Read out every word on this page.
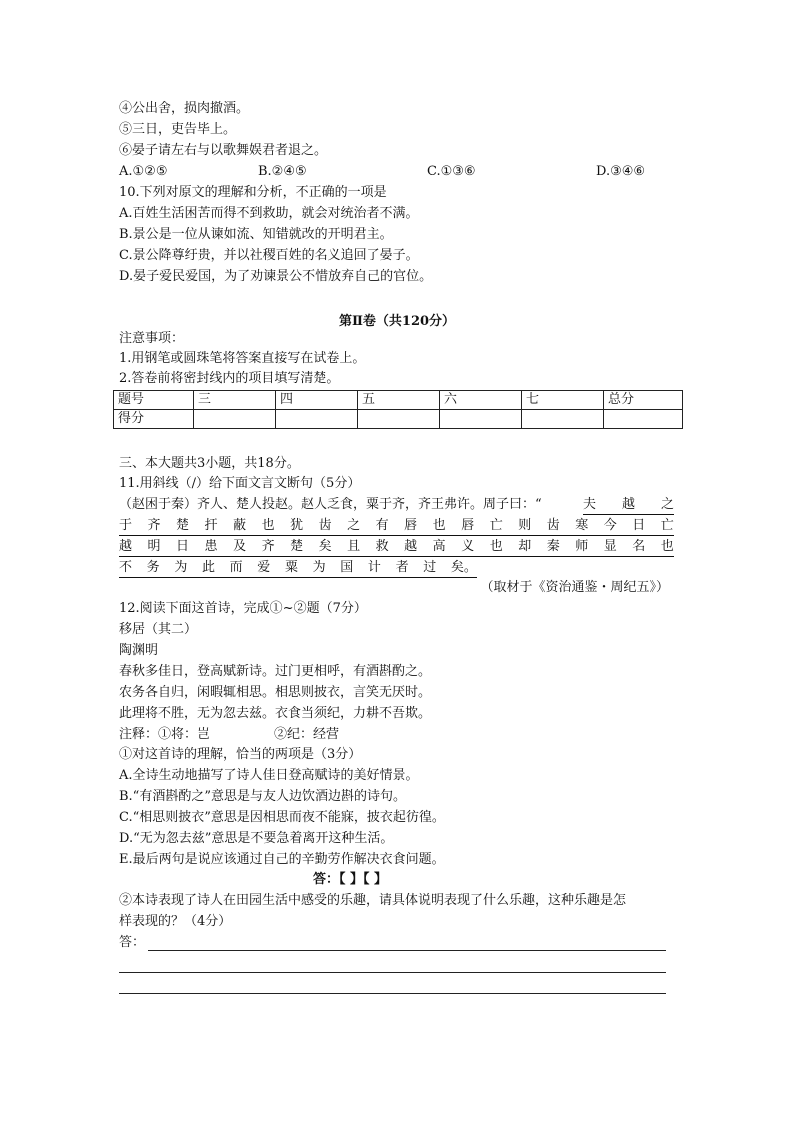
④公出舍，损肉撤酒。
⑤三日，吏告毕上。
⑥晏子请左右与以歌舞娱君者退之。
A.①②⑤	B.②④⑤	C.①③⑥	D.③④⑥
10.下列对原文的理解和分析，不正确的一项是
A.百姓生活困苦而得不到救助，就会对统治者不满。
B.景公是一位从谏如流、知错就改的开明君主。
C.景公降尊纡贵，并以社稷百姓的名义追回了晏子。
D.晏子爱民爱国，为了劝谏景公不惜放弃自己的官位。
第Ⅱ卷（共120分）
注意事项：
1.用钢笔或圆珠笔将答案直接写在试卷上。
2.答卷前将密封线内的项目填写清楚。
题号	三	四	五	六	七	总分
得分						
三、本大题共3小题，共18分。
11.用斜线（/）给下面文言文断句（5分）
（赵困于秦）齐人、楚人投赵。赵人乏食，粟于齐，齐王弗许。周子曰：“	夫 越 之
于 齐 楚 扞 蔽 也 犹 齿 之 有 唇 也 唇 亡 则 齿 寒 今 日 亡
越 明 日 患 及 齐 楚 矣 且 救 越 高 义 也 却 秦 师 显 名 也
不 务 为 此 而 爱 粟 为 国 计 者 过 矣。
（取材于《资治通鉴・周纪五》）
12.阅读下面这首诗，完成①~②题（7分）
移居（其二）
陶渊明
春秋多佳日，登高赋新诗。过门更相呼，有酒斟酌之。
农务各自归，闲暇辄相思。相思则披衣，言笑无厌时。
此理将不胜，无为忽去兹。衣食当须纪，力耕不吾欺。
注释：①将：岂	②纪：经营
①对这首诗的理解，恰当的两项是（3分）
A.全诗生动地描写了诗人佳日登高赋诗的美好情景。
B.“有酒斟酌之”意思是与友人边饮酒边斟的诗句。
C.“相思则披衣”意思是因相思而夜不能寐，披衣起彷徨。
D.“无为忽去兹”意思是不要急着离开这种生活。
E.最后两句是说应该通过自己的辛勤劳作解决衣食问题。
答：【 】【 】
②本诗表现了诗人在田园生活中感受的乐趣，请具体说明表现了什么乐趣，这种乐趣是怎
样表现的？（4分）
答：
